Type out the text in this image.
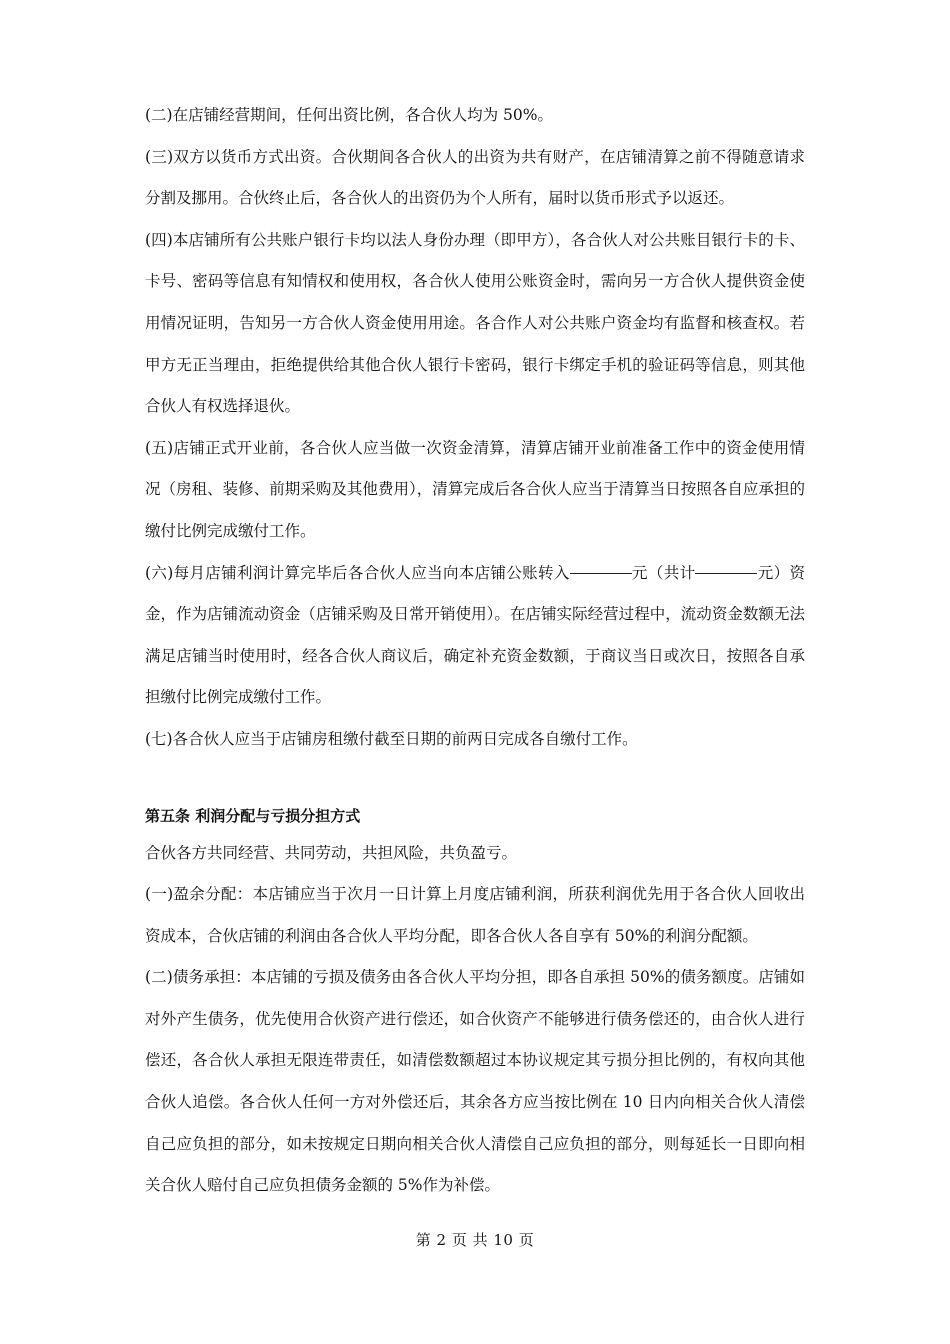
(二)在店铺经营期间，任何出资比例，各合伙人均为 50%。

(三)双方以货币方式出资。合伙期间各合伙人的出资为共有财产，在店铺清算之前不得随意请求分割及挪用。合伙终止后，各合伙人的出资仍为个人所有，届时以货币形式予以返还。

(四)本店铺所有公共账户银行卡均以法人身份办理（即甲方），各合伙人对公共账目银行卡的卡、卡号、密码等信息有知情权和使用权，各合伙人使用公账资金时，需向另一方合伙人提供资金使用情况证明，告知另一方合伙人资金使用用途。各合作人对公共账户资金均有监督和核查权。若甲方无正当理由，拒绝提供给其他合伙人银行卡密码，银行卡绑定手机的验证码等信息，则其他合伙人有权选择退伙。

(五)店铺正式开业前，各合伙人应当做一次资金清算，清算店铺开业前准备工作中的资金使用情况（房租、装修、前期采购及其他费用），清算完成后各合伙人应当于清算当日按照各自应承担的缴付比例完成缴付工作。

(六)每月店铺利润计算完毕后各合伙人应当向本店铺公账转入	元（共计	元）资金，作为店铺流动资金（店铺采购及日常开销使用）。在店铺实际经营过程中，流动资金数额无法满足店铺当时使用时，经各合伙人商议后，确定补充资金数额，于商议当日或次日，按照各自承担缴付比例完成缴付工作。

(七)各合伙人应当于店铺房租缴付截至日期的前两日完成各自缴付工作。

第五条 利润分配与亏损分担方式

合伙各方共同经营、共同劳动，共担风险，共负盈亏。

(一)盈余分配：本店铺应当于次月一日计算上月度店铺利润，所获利润优先用于各合伙人回收出资成本，合伙店铺的利润由各合伙人平均分配，即各合伙人各自享有 50%的利润分配额。

(二)债务承担：本店铺的亏损及债务由各合伙人平均分担，即各自承担 50%的债务额度。店铺如对外产生债务，优先使用合伙资产进行偿还，如合伙资产不能够进行债务偿还的，由合伙人进行偿还，各合伙人承担无限连带责任，如清偿数额超过本协议规定其亏损分担比例的，有权向其他合伙人追偿。各合伙人任何一方对外偿还后，其余各方应当按比例在 10 日内向相关合伙人清偿自己应负担的部分，如未按规定日期向相关合伙人清偿自己应负担的部分，则每延长一日即向相关合伙人赔付自己应负担债务金额的 5%作为补偿。

第 2 页 共 10 页
